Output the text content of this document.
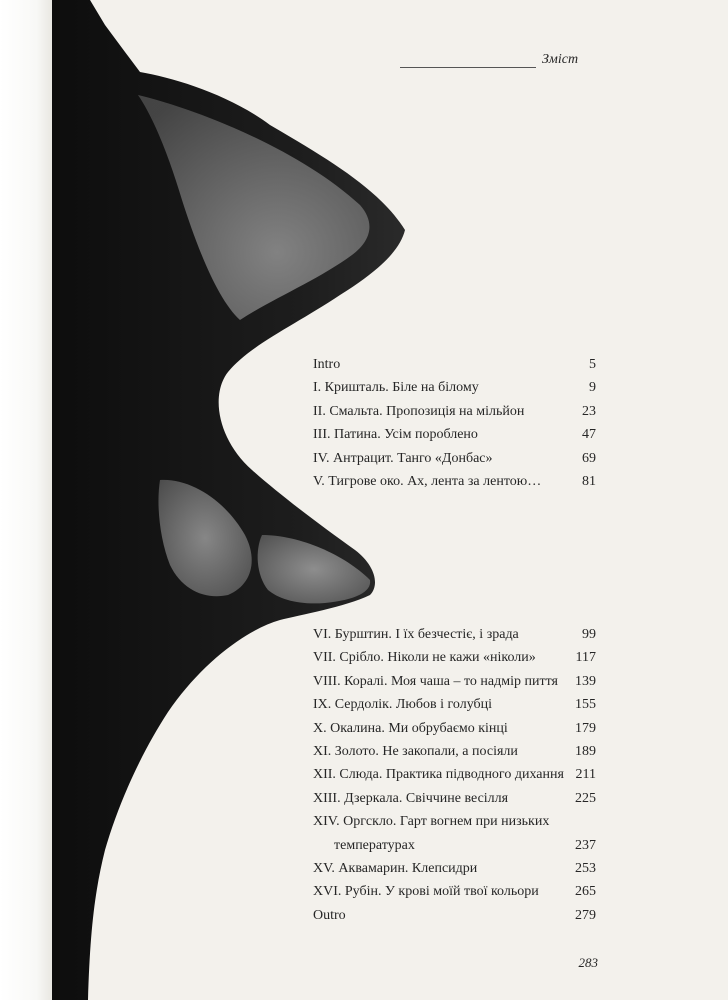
Зміст
Intro	5
I. Кришталь. Біле на білому	9
II. Смальта. Пропозиція на мільйон	23
III. Патина. Усім пороблено	47
IV. Антрацит. Танго «Донбас»	69
V. Тигрове око. Ах, лента за лентою…	81
VI. Бурштин. І їх безчестіє, і зрада	99
VII. Срібло. Ніколи не кажи «ніколи»	117
VIII. Коралі. Моя чаша – то надмір пиття 139
IX. Сердолік. Любов і голубці	155
X. Окалина. Ми обрубаємо кінці	179
XI. Золото. Не закопали, а посіяли	189
XII. Слюда. Практика підводного дихання 211
XIII. Дзеркала. Свіччине весілля	225
XIV. Оргскло. Гарт вогнем при низьких
температурах	237
XV. Аквамарин. Клепсидри	253
XVI. Рубін. У крові моїй твої кольори	265
Outro	279
283
